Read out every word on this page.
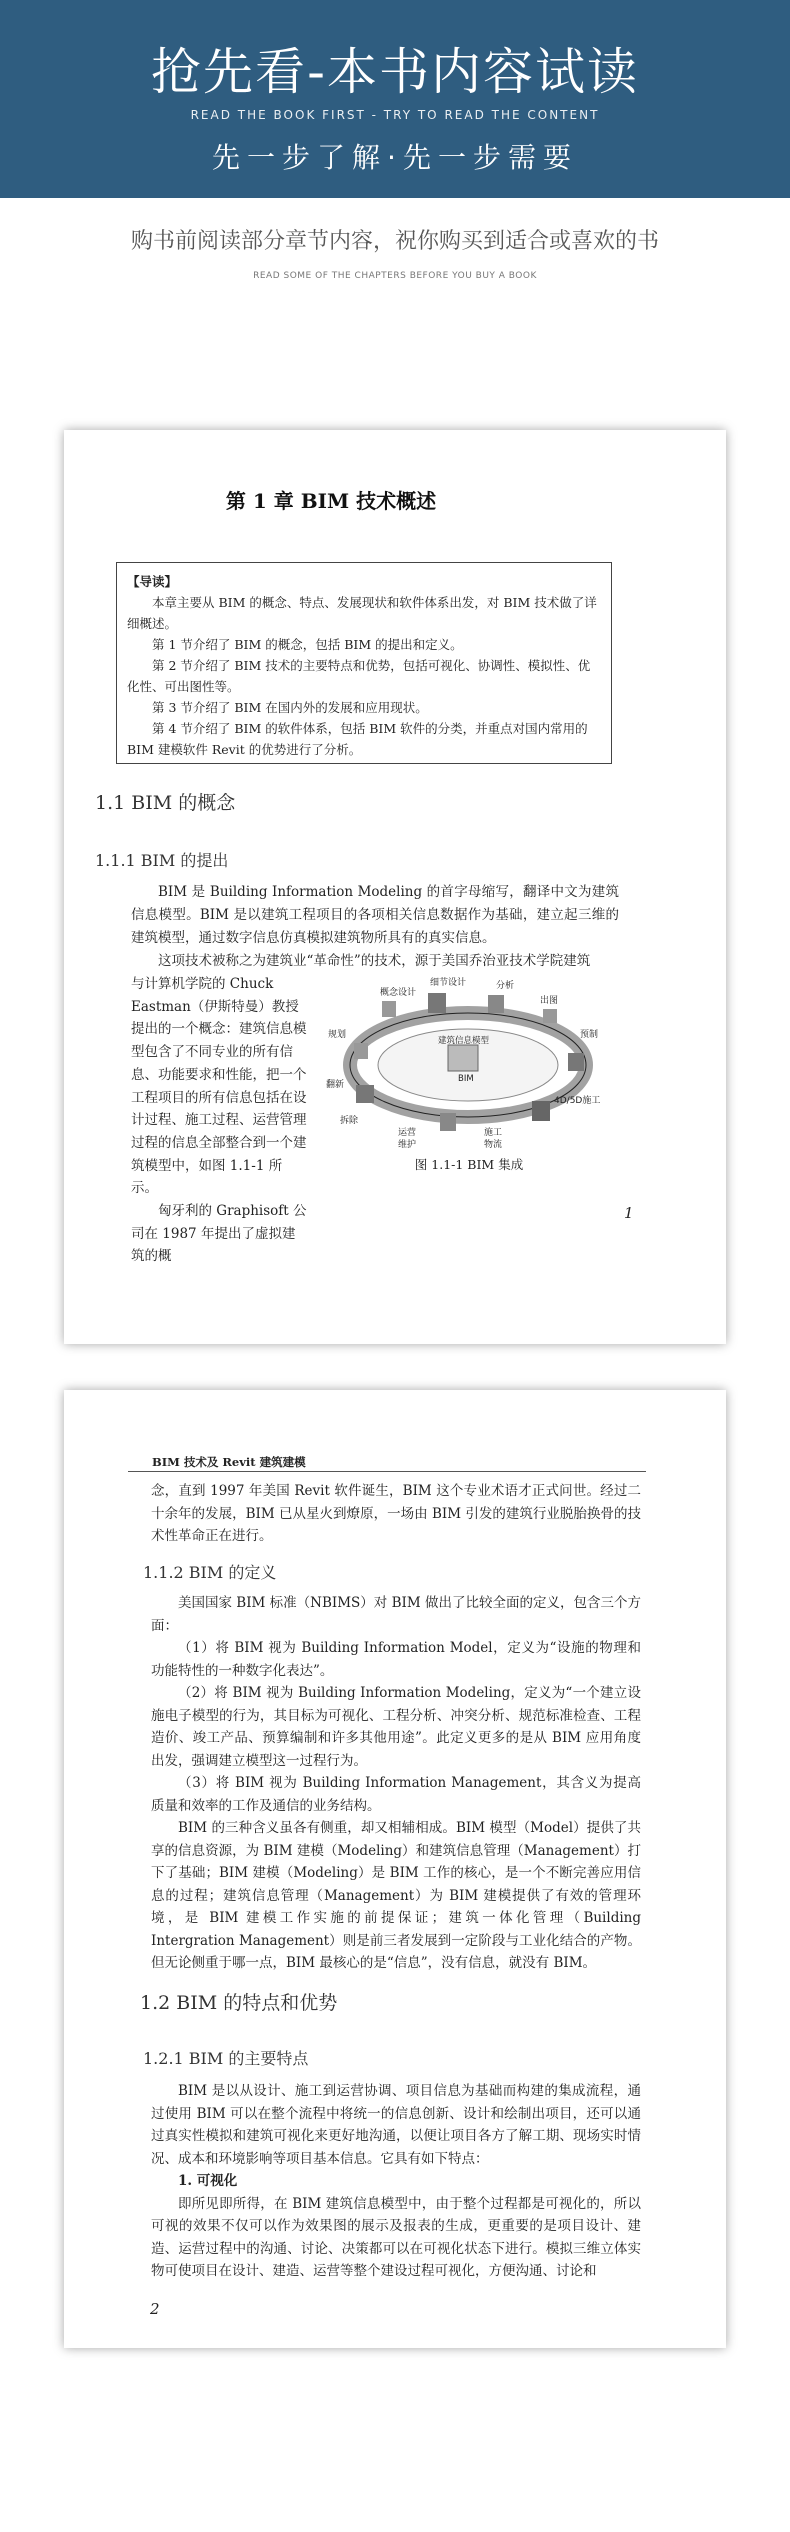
抢先看-本书内容试读
READ THE BOOK FIRST - TRY TO READ THE CONTENT
先一步了解·先一步需要
购书前阅读部分章节内容，祝你购买到适合或喜欢的书
READ SOME OF THE CHAPTERS BEFORE YOU BUY A BOOK
第 1 章 BIM 技术概述

【导读】

本章主要从 BIM 的概念、特点、发展现状和软件体系出发，对 BIM 技术做了详细概述。

第 1 节介绍了 BIM 的概念，包括 BIM 的提出和定义。

第 2 节介绍了 BIM 技术的主要特点和优势，包括可视化、协调性、模拟性、优化性、可出图性等。

第 3 节介绍了 BIM 在国内外的发展和应用现状。

第 4 节介绍了 BIM 的软件体系，包括 BIM 软件的分类，并重点对国内常用的 BIM 建模软件 Revit 的优势进行了分析。

1.1 BIM 的概念
1.1.1 BIM 的提出

BIM 是 Building Information Modeling 的首字母缩写，翻译中文为建筑信息模型。BIM 是以建筑工程项目的各项相关信息数据作为基础，建立起三维的建筑模型，通过数字信息仿真模拟建筑物所具有的真实信息。

这项技术被称之为建筑业“革命性”的技术，源于美国乔治亚技术学院建筑

与计算机学院的 Chuck Eastman（伊斯特曼）教授提出的一个概念：建筑信息模型包含了不同专业的所有信息、功能要求和性能，把一个工程项目的所有信息包括在设计过程、施工过程、运营管理过程的信息全部整合到一个建筑模型中，如图 1.1-1 所示。

匈牙利的 Graphisoft 公司在 1987 年提出了虚拟建筑的概

概念设计
细节设计	分析
出图
预制
规划
建筑信息模型
BIM
翻新
拆除
运营
维护
施工
物流
4D/5D施工
图 1.1-1 BIM 集成
1
BIM 技术及 Revit 建筑建模

念，直到 1997 年美国 Revit 软件诞生，BIM 这个专业术语才正式问世。经过二十余年的发展，BIM 已从星火到燎原，一场由 BIM 引发的建筑行业脱胎换骨的技术性革命正在进行。

1.1.2 BIM 的定义

美国国家 BIM 标准（NBIMS）对 BIM 做出了比较全面的定义，包含三个方面：

（1）将 BIM 视为 Building Information Model，定义为“设施的物理和功能特性的一种数字化表达”。

（2）将 BIM 视为 Building Information Modeling，定义为“一个建立设施电子模型的行为，其目标为可视化、工程分析、冲突分析、规范标准检查、工程造价、竣工产品、预算编制和许多其他用途”。此定义更多的是从 BIM 应用角度出发，强调建立模型这一过程行为。

（3）将 BIM 视为 Building Information Management，其含义为提高质量和效率的工作及通信的业务结构。

BIM 的三种含义虽各有侧重，却又相辅相成。BIM 模型（Model）提供了共享的信息资源，为 BIM 建模（Modeling）和建筑信息管理（Management）打下了基础；BIM 建模（Modeling）是 BIM 工作的核心，是一个不断完善应用信息的过程；建筑信息管理（Management）为 BIM 建模提供了有效的管理环境，是 BIM 建模工作实施的前提保证；建筑一体化管理（Building Intergration Management）则是前三者发展到一定阶段与工业化结合的产物。但无论侧重于哪一点，BIM 最核心的是“信息”，没有信息，就没有 BIM。

1.2 BIM 的特点和优势
1.2.1 BIM 的主要特点

BIM 是以从设计、施工到运营协调、项目信息为基础而构建的集成流程，通过使用 BIM 可以在整个流程中将统一的信息创新、设计和绘制出项目，还可以通过真实性模拟和建筑可视化来更好地沟通，以便让项目各方了解工期、现场实时情况、成本和环境影响等项目基本信息。它具有如下特点：

1. 可视化

即所见即所得，在 BIM 建筑信息模型中，由于整个过程都是可视化的，所以可视的效果不仅可以作为效果图的展示及报表的生成，更重要的是项目设计、建造、运营过程中的沟通、讨论、决策都可以在可视化状态下进行。模拟三维立体实物可使项目在设计、建造、运营等整个建设过程可视化，方便沟通、讨论和

2
